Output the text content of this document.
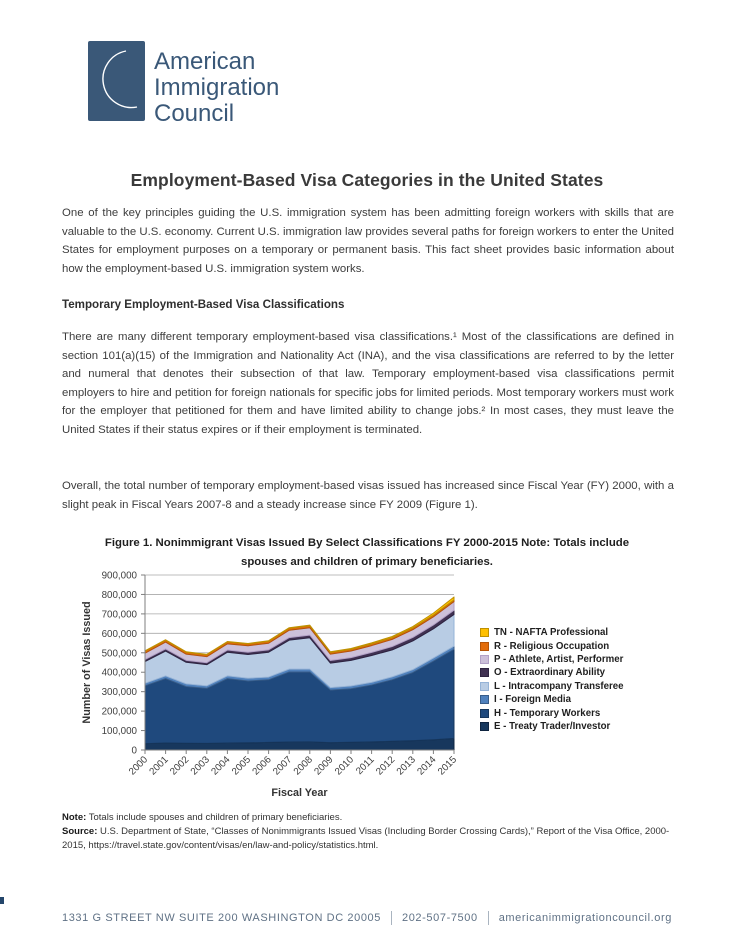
American
Immigration
Council
Employment-Based Visa Categories in the United States

One of the key principles guiding the U.S. immigration system has been admitting foreign workers with skills that are valuable to the U.S. economy. Current U.S. immigration law provides several paths for foreign workers to enter the United States for employment purposes on a temporary or permanent basis. This fact sheet provides basic information about how the employment-based U.S. immigration system works.

Temporary Employment-Based Visa Classifications

There are many different temporary employment-based visa classifications.¹ Most of the classifications are defined in section 101(a)(15) of the Immigration and Nationality Act (INA), and the visa classifications are referred to by the letter and numeral that denotes their subsection of that law. Temporary employment-based visa classifications permit employers to hire and petition for foreign nationals for specific jobs for limited periods. Most temporary workers must work for the employer that petitioned for them and have limited ability to change jobs.² In most cases, they must leave the United States if their status expires or if their employment is terminated.

Overall, the total number of temporary employment-based visas issued has increased since Fiscal Year (FY) 2000, with a slight peak in Fiscal Years 2007-8 and a steady increase since FY 2009 (Figure 1).

Figure 1. Nonimmigrant Visas Issued By Select Classifications FY 2000-2015 Note: Totals include spouses and children of primary beneficiaries.
0
100,000
200,000
300,000
400,000
500,000
600,000
700,000
800,000
900,000
2000
2001
2002
2003
2004
2005
2006
2007
2008
2009
2010
2011
2012
2013
2014
2015
Fiscal Year
Number of Visas Issued	TN - NAFTA Professional
R - Religious Occupation
P - Athlete, Artist, Performer
O - Extraordinary Ability
L - Intracompany Transferee
I - Foreign Media
H - Temporary Workers
E - Treaty Trader/Investor
Note: Totals include spouses and children of primary beneficiaries.
Source: U.S. Department of State, “Classes of Nonimmigrants Issued Visas (Including Border Crossing Cards),” Report of the Visa Office, 2000-2015, https://travel.state.gov/content/visas/en/law-and-policy/statistics.html.
1331 G STREET NW SUITE 200 WASHINGTON DC 20005 202-507-7500 americanimmigrationcouncil.org
